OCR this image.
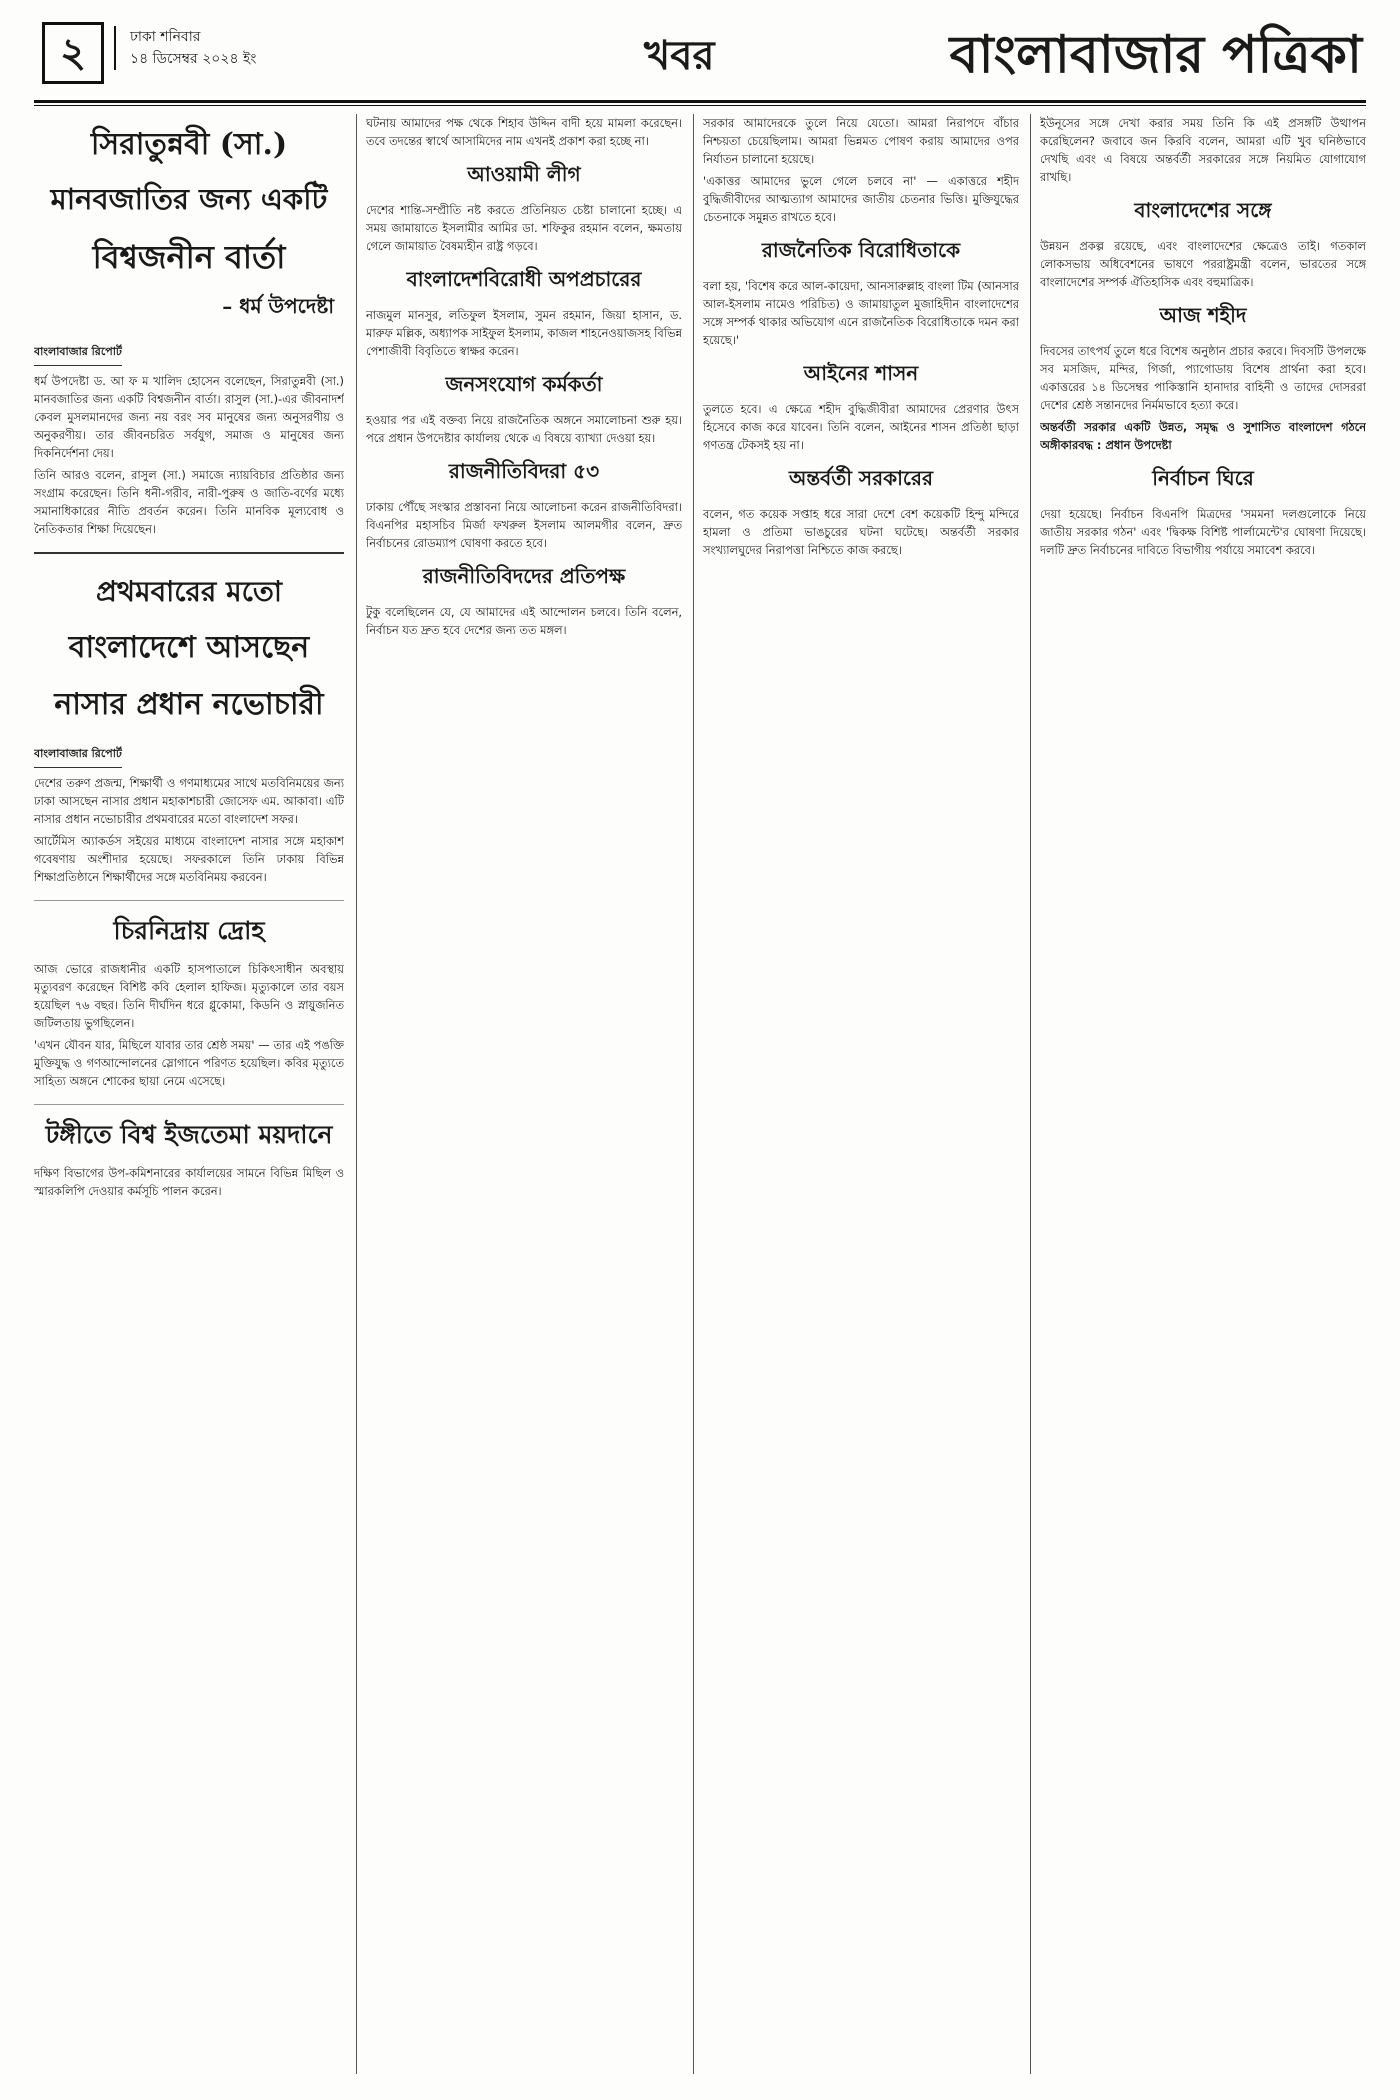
২	ঢাকা শনিবার
১৪ ডিসেম্বর ২০২৪ ইং	খবর	বাংলাবাজার পত্রিকা
সিরাতুন্নবী (সা.)
মানবজাতির জন্য একটি
বিশ্বজনীন বার্তা
– ধর্ম উপদেষ্টা
বাংলাবাজার রিপোর্ট

ধর্ম উপদেষ্টা ড. আ ফ ম খালিদ হোসেন বলেছেন, সিরাতুন্নবী (সা.) মানবজাতির জন্য একটি বিশ্বজনীন বার্তা। রাসুল (সা.)-এর জীবনাদর্শ কেবল মুসলমানদের জন্য নয় বরং সব মানুষের জন্য অনুসরণীয় ও অনুকরণীয়। তার জীবনচরিত সর্বযুগ, সমাজ ও মানুষের জন্য দিকনির্দেশনা দেয়।

তিনি আরও বলেন, রাসুল (সা.) সমাজে ন্যায়বিচার প্রতিষ্ঠার জন্য সংগ্রাম করেছেন। তিনি ধনী-গরীব, নারী-পুরুষ ও জাতি-বর্ণের মধ্যে সমানাধিকারের নীতি প্রবর্তন করেন। তিনি মানবিক মূল্যবোধ ও নৈতিকতার শিক্ষা দিয়েছেন।

প্রথমবারের মতো
বাংলাদেশে আসছেন
নাসার প্রধান নভোচারী
বাংলাবাজার রিপোর্ট

দেশের তরুণ প্রজন্ম, শিক্ষার্থী ও গণমাধ্যমের সাথে মতবিনিময়ের জন্য ঢাকা আসছেন নাসার প্রধান মহাকাশচারী জোসেফ এম. আকাবা। এটি নাসার প্রধান নভোচারীর প্রথমবারের মতো বাংলাদেশ সফর।

আর্টেমিস অ্যাকর্ডস সইয়ের মাধ্যমে বাংলাদেশ নাসার সঙ্গে মহাকাশ গবেষণায় অংশীদার হয়েছে। সফরকালে তিনি ঢাকায় বিভিন্ন শিক্ষাপ্রতিষ্ঠানে শিক্ষার্থীদের সঙ্গে মতবিনিময় করবেন।

চিরনিদ্রায় দ্রোহ

আজ ভোরে রাজধানীর একটি হাসপাতালে চিকিৎসাধীন অবস্থায় মৃত্যুবরণ করেছেন বিশিষ্ট কবি হেলাল হাফিজ। মৃত্যুকালে তার বয়স হয়েছিল ৭৬ বছর। তিনি দীর্ঘদিন ধরে গ্লুকোমা, কিডনি ও স্নায়ুজনিত জটিলতায় ভুগছিলেন।

'এখন যৌবন যার, মিছিলে যাবার তার শ্রেষ্ঠ সময়' — তার এই পঙক্তি মুক্তিযুদ্ধ ও গণআন্দোলনের স্লোগানে পরিণত হয়েছিল। কবির মৃত্যুতে সাহিত্য অঙ্গনে শোকের ছায়া নেমে এসেছে।

টঙ্গীতে বিশ্ব ইজতেমা ময়দানে

দক্ষিণ বিভাগের উপ-কমিশনারের কার্যালয়ের সামনে বিভিন্ন মিছিল ও স্মারকলিপি দেওয়ার কর্মসূচি পালন করেন।

ঘটনায় আমাদের পক্ষ থেকে শিহাব উদ্দিন বাদী হয়ে মামলা করেছেন। তবে তদন্তের স্বার্থে আসামিদের নাম এখনই প্রকাশ করা হচ্ছে না।

আওয়ামী লীগ

দেশের শান্তি-সম্প্রীতি নষ্ট করতে প্রতিনিয়ত চেষ্টা চালানো হচ্ছে। এ সময় জামায়াতে ইসলামীর আমির ডা. শফিকুর রহমান বলেন, ক্ষমতায় গেলে জামায়াত বৈষম্যহীন রাষ্ট্র গড়বে।

বাংলাদেশবিরোধী অপপ্রচারের

নাজমুল মানসুর, লতিফুল ইসলাম, সুমন রহমান, জিয়া হাসান, ড. মারুফ মল্লিক, অধ্যাপক সাইফুল ইসলাম, কাজল শাহনেওয়াজসহ বিভিন্ন পেশাজীবী বিবৃতিতে স্বাক্ষর করেন।

জনসংযোগ কর্মকর্তা

হওয়ার পর এই বক্তব্য নিয়ে রাজনৈতিক অঙ্গনে সমালোচনা শুরু হয়। পরে প্রধান উপদেষ্টার কার্যালয় থেকে এ বিষয়ে ব্যাখ্যা দেওয়া হয়।

রাজনীতিবিদরা ৫৩

ঢাকায় পৌঁছে সংস্কার প্রস্তাবনা নিয়ে আলোচনা করেন রাজনীতিবিদরা। বিএনপির মহাসচিব মির্জা ফখরুল ইসলাম আলমগীর বলেন, দ্রুত নির্বাচনের রোডম্যাপ ঘোষণা করতে হবে।

রাজনীতিবিদদের প্রতিপক্ষ

টুকু বলেছিলেন যে, যে আমাদের এই আন্দোলন চলবে। তিনি বলেন, নির্বাচন যত দ্রুত হবে দেশের জন্য তত মঙ্গল।

সরকার আমাদেরকে তুলে নিয়ে যেতো। আমরা নিরাপদে বাঁচার নিশ্চয়তা চেয়েছিলাম। আমরা ভিন্নমত পোষণ করায় আমাদের ওপর নির্যাতন চালানো হয়েছে।

'একাত্তর আমাদের ভুলে গেলে চলবে না' — একাত্তরে শহীদ বুদ্ধিজীবীদের আত্মত্যাগ আমাদের জাতীয় চেতনার ভিত্তি। মুক্তিযুদ্ধের চেতনাকে সমুন্নত রাখতে হবে।

রাজনৈতিক বিরোধিতাকে

বলা হয়, 'বিশেষ করে আল-কায়েদা, আনসারুল্লাহ বাংলা টিম (আনসার আল-ইসলাম নামেও পরিচিত) ও জামায়াতুল মুজাহিদীন বাংলাদেশের সঙ্গে সম্পর্ক থাকার অভিযোগ এনে রাজনৈতিক বিরোধিতাকে দমন করা হয়েছে।'

আইনের শাসন

তুলতে হবে। এ ক্ষেত্রে শহীদ বুদ্ধিজীবীরা আমাদের প্রেরণার উৎস হিসেবে কাজ করে যাবেন। তিনি বলেন, আইনের শাসন প্রতিষ্ঠা ছাড়া গণতন্ত্র টেকসই হয় না।

অন্তর্বর্তী সরকারের

বলেন, গত কয়েক সপ্তাহ ধরে সারা দেশে বেশ কয়েকটি হিন্দু মন্দিরে হামলা ও প্রতিমা ভাঙচুরের ঘটনা ঘটেছে। অন্তর্বর্তী সরকার সংখ্যালঘুদের নিরাপত্তা নিশ্চিতে কাজ করছে।

ইউনূসের সঙ্গে দেখা করার সময় তিনি কি এই প্রসঙ্গটি উত্থাপন করেছিলেন? জবাবে জন কিরবি বলেন, আমরা এটি খুব ঘনিষ্ঠভাবে দেখছি এবং এ বিষয়ে অন্তর্বর্তী সরকারের সঙ্গে নিয়মিত যোগাযোগ রাখছি।

বাংলাদেশের সঙ্গে

উন্নয়ন প্রকল্প রয়েছে, এবং বাংলাদেশের ক্ষেত্রেও তাই। গতকাল লোকসভায় অধিবেশনের ভাষণে পররাষ্ট্রমন্ত্রী বলেন, ভারতের সঙ্গে বাংলাদেশের সম্পর্ক ঐতিহাসিক এবং বহুমাত্রিক।

আজ শহীদ

দিবসের তাৎপর্য তুলে ধরে বিশেষ অনুষ্ঠান প্রচার করবে। দিবসটি উপলক্ষে সব মসজিদ, মন্দির, গির্জা, প্যাগোডায় বিশেষ প্রার্থনা করা হবে। একাত্তরের ১৪ ডিসেম্বর পাকিস্তানি হানাদার বাহিনী ও তাদের দোসররা দেশের শ্রেষ্ঠ সন্তানদের নির্মমভাবে হত্যা করে।

অন্তর্বর্তী সরকার একটি উন্নত, সমৃদ্ধ ও সুশাসিত বাংলাদেশ গঠনে অঙ্গীকারবদ্ধ : প্রধান উপদেষ্টা

নির্বাচন ঘিরে

দেয়া হয়েছে। নির্বাচন বিএনপি মিত্রদের 'সমমনা দলগুলোকে নিয়ে জাতীয় সরকার গঠন' এবং 'দ্বিকক্ষ বিশিষ্ট পার্লামেন্টে'র ঘোষণা দিয়েছে। দলটি দ্রুত নির্বাচনের দাবিতে বিভাগীয় পর্যায়ে সমাবেশ করবে।
